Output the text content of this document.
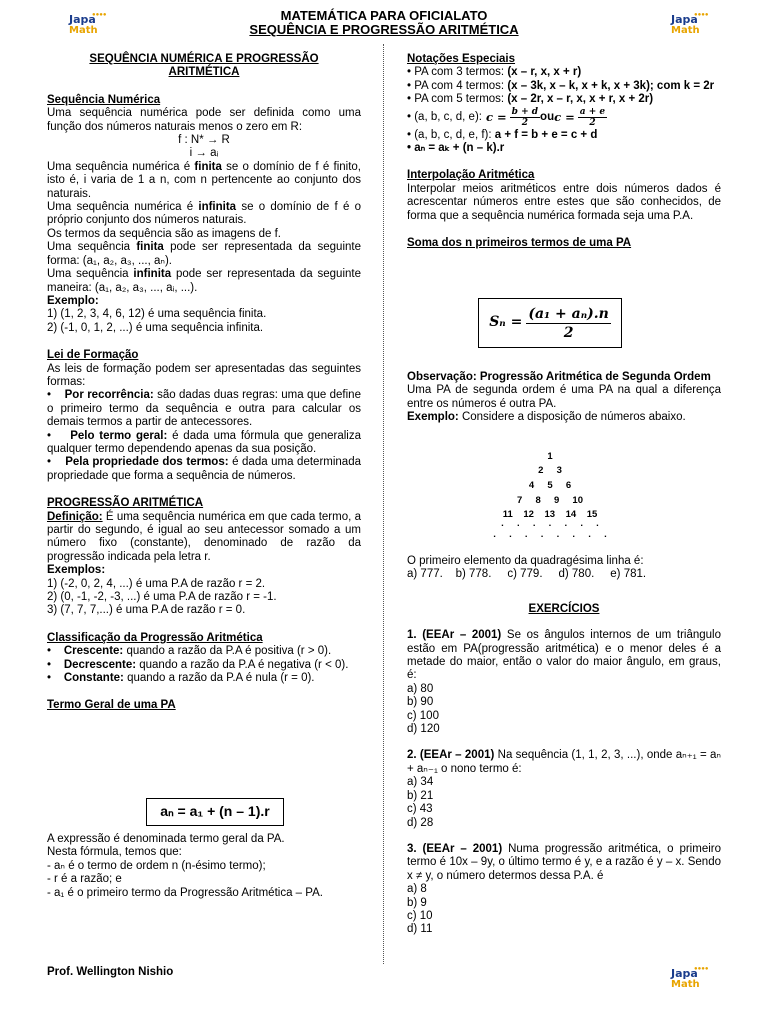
MATEMÁTICA PARA OFICIALATO
SEQUÊNCIA E PROGRESSÃO ARITMÉTICA
●●●●
Japa
Math
●●●●
Japa
Math
SEQUÊNCIA NUMÉRICA E PROGRESSÃO ARITMÉTICA
Sequência Numérica
Uma sequência numérica pode ser definida como uma função dos números naturais menos o zero em R:
f : N* → R
i → aᵢ
Uma sequência numérica é finita se o domínio de f é finito, isto é, i varia de 1 a n, com n pertencente ao conjunto dos naturais.
Uma sequência numérica é infinita se o domínio de f é o próprio conjunto dos números naturais.
Os termos da sequência são as imagens de f.
Uma sequência finita pode ser representada da seguinte forma: (a₁, a₂, a₃, ..., aₙ).
Uma sequência infinita pode ser representada da seguinte maneira: (a₁, a₂, a₃, ..., aᵢ, ...).
Exemplo:
1) (1, 2, 3, 4, 6, 12) é uma sequência finita.
2) (-1, 0, 1, 2, ...) é uma sequência infinita.
Lei de Formação
As leis de formação podem ser apresentadas das seguintes formas:
•    Por recorrência: são dadas duas regras: uma que define o primeiro termo da sequência e outra para calcular os demais termos a partir de antecessores.
•    Pelo termo geral: é dada uma fórmula que generaliza qualquer termo dependendo apenas da sua posição.
•    Pela propriedade dos termos: é dada uma determinada propriedade que forma a sequência de números.
PROGRESSÃO ARITMÉTICA
Definição: É uma sequência numérica em que cada termo, a partir do segundo, é igual ao seu antecessor somado a um número fixo (constante), denominado de razão da progressão indicada pela letra r.
Exemplos:
1) (-2, 0, 2, 4, ...) é uma P.A de razão r = 2.
2) (0, -1, -2, -3, ...) é uma P.A de razão r = -1.
3) (7, 7, 7,...) é uma P.A de razão r = 0.
Classificação da Progressão Aritmética
•    Crescente: quando a razão da P.A é positiva (r > 0).
•    Decrescente: quando a razão da P.A é negativa (r < 0).
•    Constante: quando a razão da P.A é nula (r = 0).
Termo Geral de uma PA
aₙ = a₁ + (n – 1).r
A expressão é denominada termo geral da PA.
Nesta fórmula, temos que:
- aₙ é o termo de ordem n (n-ésimo termo);
- r é a razão; e
- a₁ é o primeiro termo da Progressão Aritmética – PA.
Notações Especiais
• PA com 3 termos: (x – r, x, x + r)
• PA com 4 termos: (x – 3k, x – k, x + k, x + 3k); com k = 2r
• PA com 5 termos: (x – 2r, x – r, x, x + r, x + 2r)
• (a, b, c, d, e): $c = \frac{b + d}{2}$ ou $c = \frac{a + e}{2}$
• (a, b, c, d, e, f): a + f = b + e = c + d
• aₙ = aₖ + (n – k).r
Interpolação Aritmética
Interpolar meios aritméticos entre dois números dados é acrescentar números entre estes que são conhecidos, de forma que a sequência numérica formada seja uma P.A.
Soma dos n primeiros termos de uma PA
$S_n = \frac{\text{(a₁ + aₙ).n}}{2}$
Observação: Progressão Aritmética de Segunda Ordem
Uma PA de segunda ordem é uma PA na qual a diferença entre os números é outra PA.
Exemplo: Considere a disposição de números abaixo.
1
2     3
4     5     6
7     8     9     10
11    12    13    14    15
.     .     .     .     .     .     .
.     .     .     .     .     .     .     .
O primeiro elemento da quadragésima linha é:
a) 777.    b) 778.     c) 779.     d) 780.     e) 781.
EXERCÍCIOS
1. (EEAr – 2001) Se os ângulos internos de um triângulo estão em PA(progressão aritmética) e o menor deles é a metade do maior, então o valor do maior ângulo, em graus, é:
a) 80
b) 90
c) 100
d) 120
2. (EEAr – 2001) Na sequência (1, 1, 2, 3, ...), onde aₙ₊₁ = aₙ + aₙ₋₁ o nono termo é:
a) 34
b) 21
c) 43
d) 28
3. (EEAr – 2001) Numa progressão aritmética, o primeiro termo é 10x – 9y, o último termo é y, e a razão é y – x. Sendo x ≠ y, o número determos dessa P.A. é
a) 8
b) 9
c) 10
d) 11
Prof. Wellington Nishio	●●●●
Japa
Math
